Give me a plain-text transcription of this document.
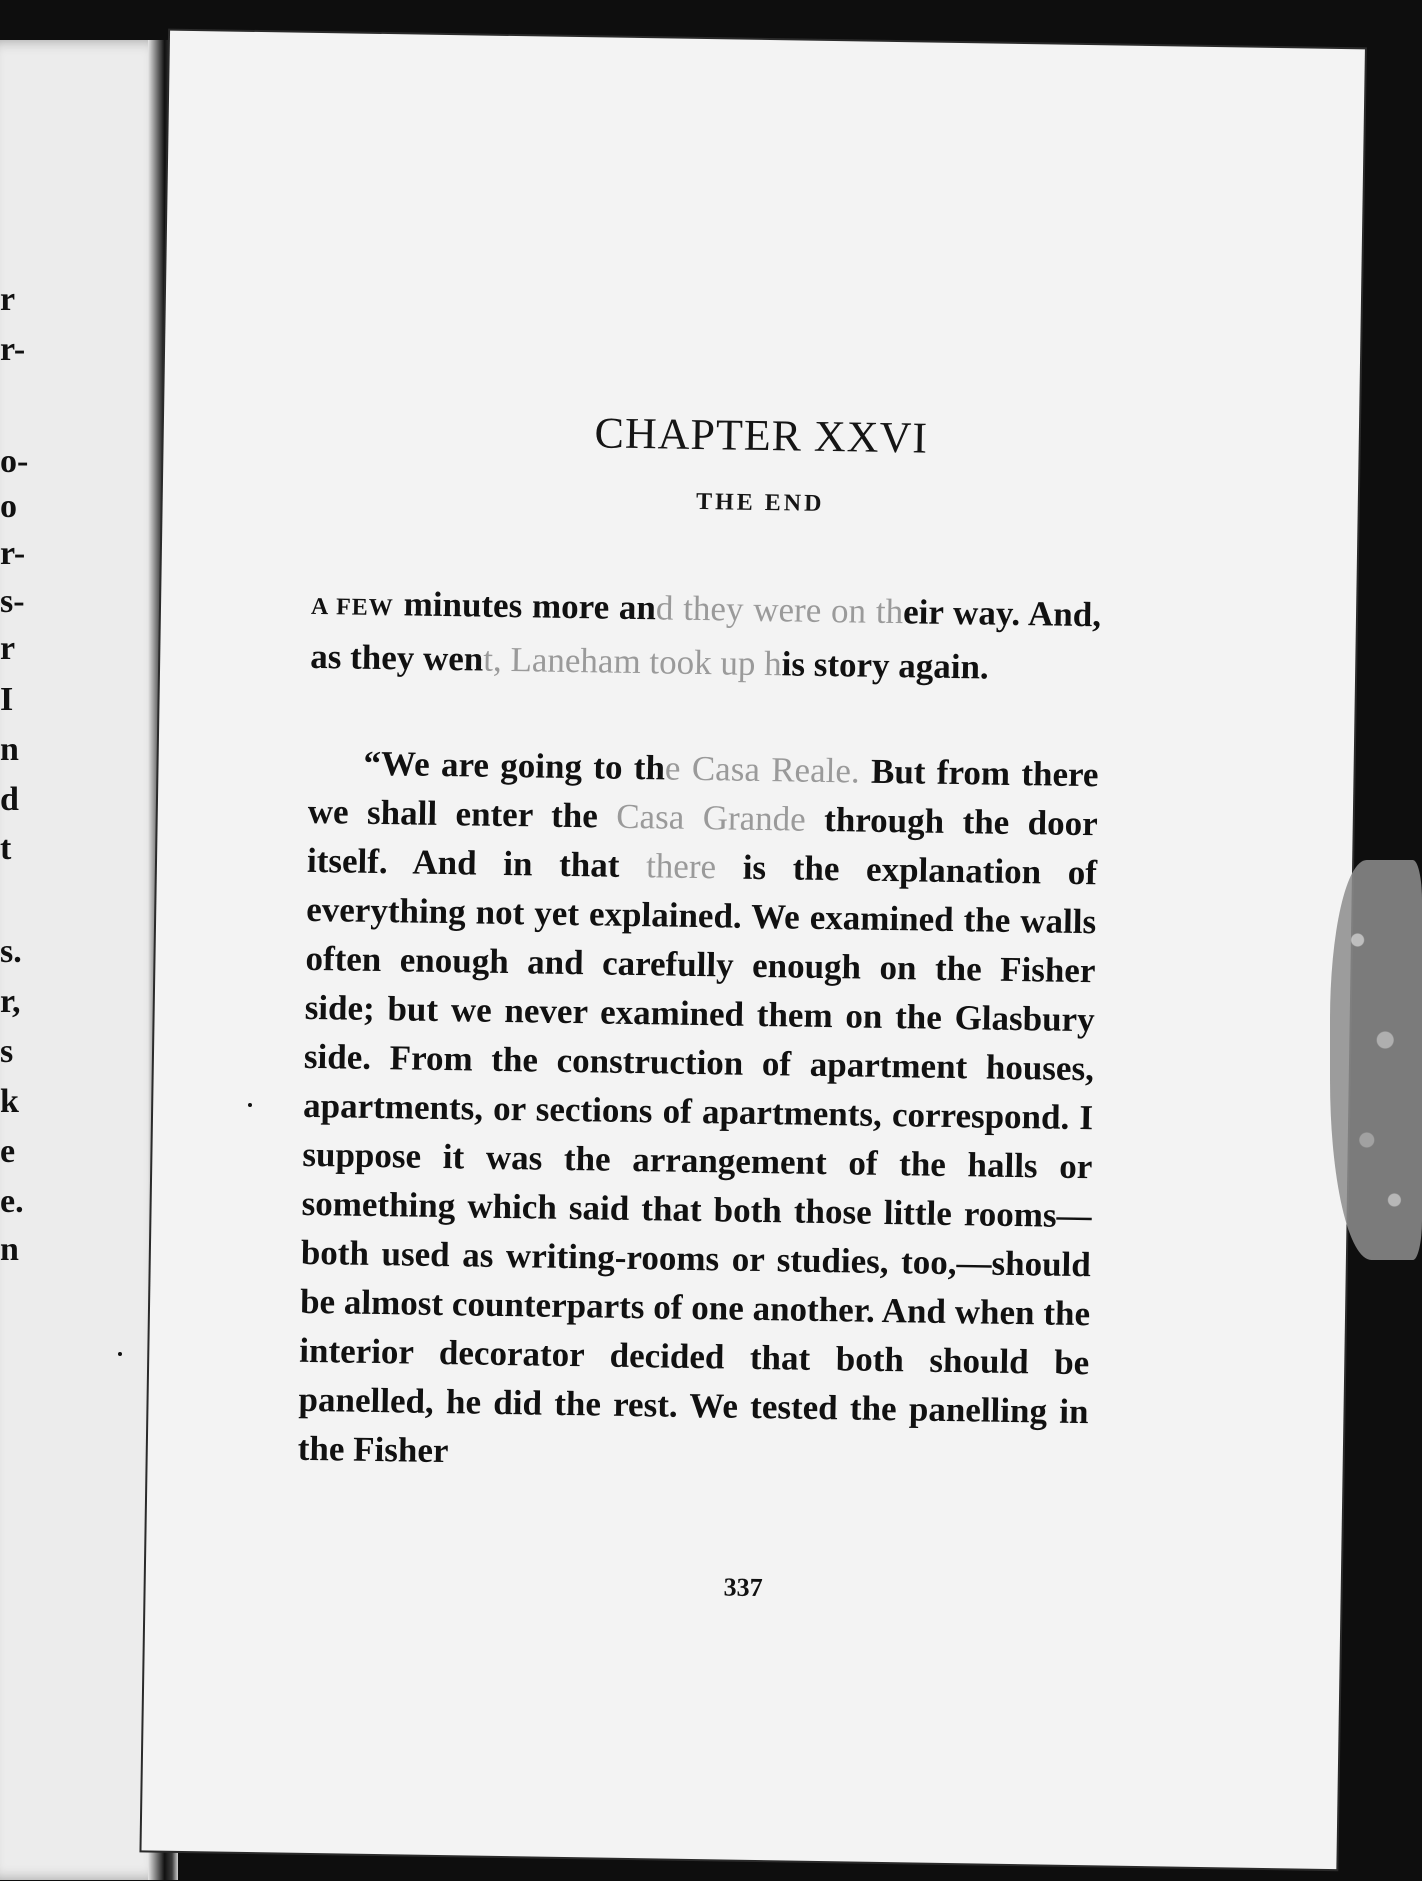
r
r-
o-
o
r-
s-
r
I
n
d
t
s.
r,
s
k
e
e.
n
CHAPTER XXVI
THE END

A FEW minutes more and they were on their way. And, as they went, Laneham took up his story again.

“We are going to the Casa Reale. But from there we shall enter the Casa Grande through the door itself. And in that there is the explanation of everything not yet explained. We examined the walls often enough and carefully enough on the Fisher side; but we never examined them on the Glasbury side. From the construction of apartment houses, apartments, or sections of apartments, correspond. I suppose it was the arrangement of the halls or something which said that both those little rooms—both used as writing-rooms or studies, too,—should be almost counterparts of one another. And when the interior decorator decided that both should be panelled, he did the rest. We tested the panelling in the Fisher

337
